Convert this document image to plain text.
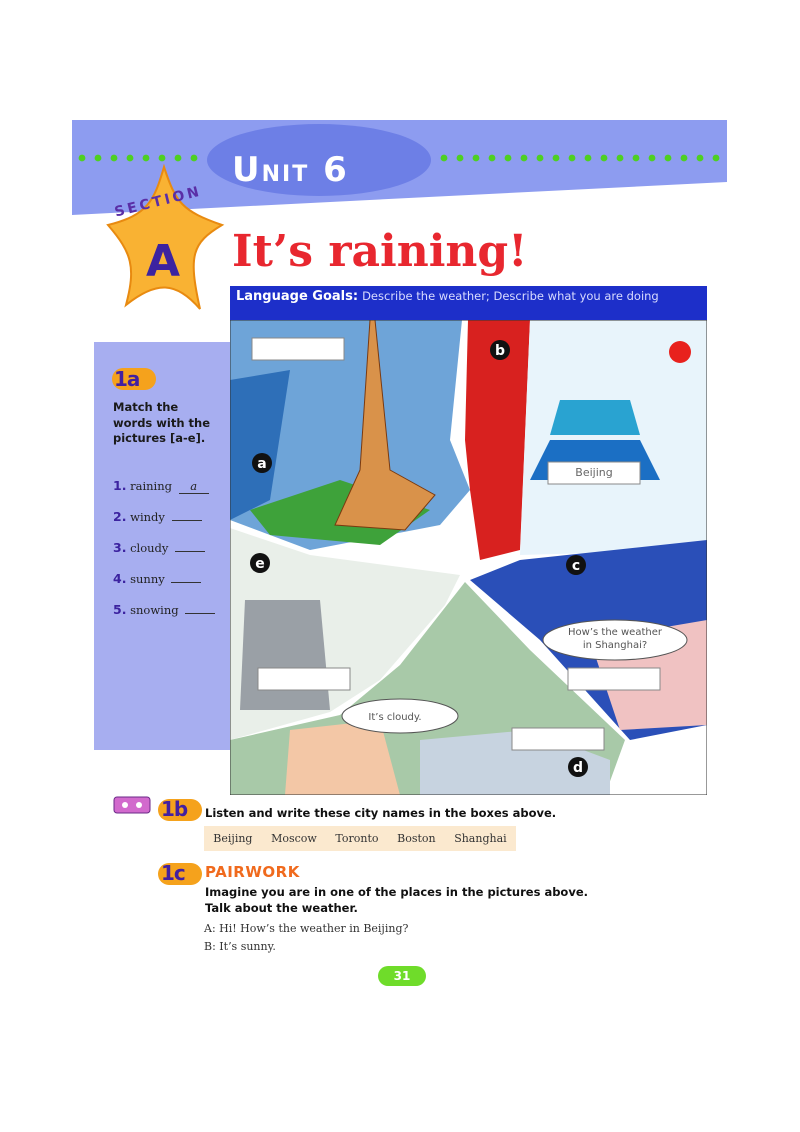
UNIT 6
SECTION
A It’s raining!
Language Goals: Describe the weather; Describe what you are doing
1a
Match the words with the pictures [a-e].
1. raining a
2. windy
3. cloudy
4. sunny
5. snowing
Beijing
How’s the weather
in Shanghai?
It’s cloudy.
a
b
c
d
e
1b Listen and write these city names in the boxes above.
Beijing Moscow Toronto Boston Shanghai
1c PAIRWORK
Imagine you are in one of the places in the pictures above.
Talk about the weather.
A: Hi! How’s the weather in Beijing?
B: It’s sunny.
31
